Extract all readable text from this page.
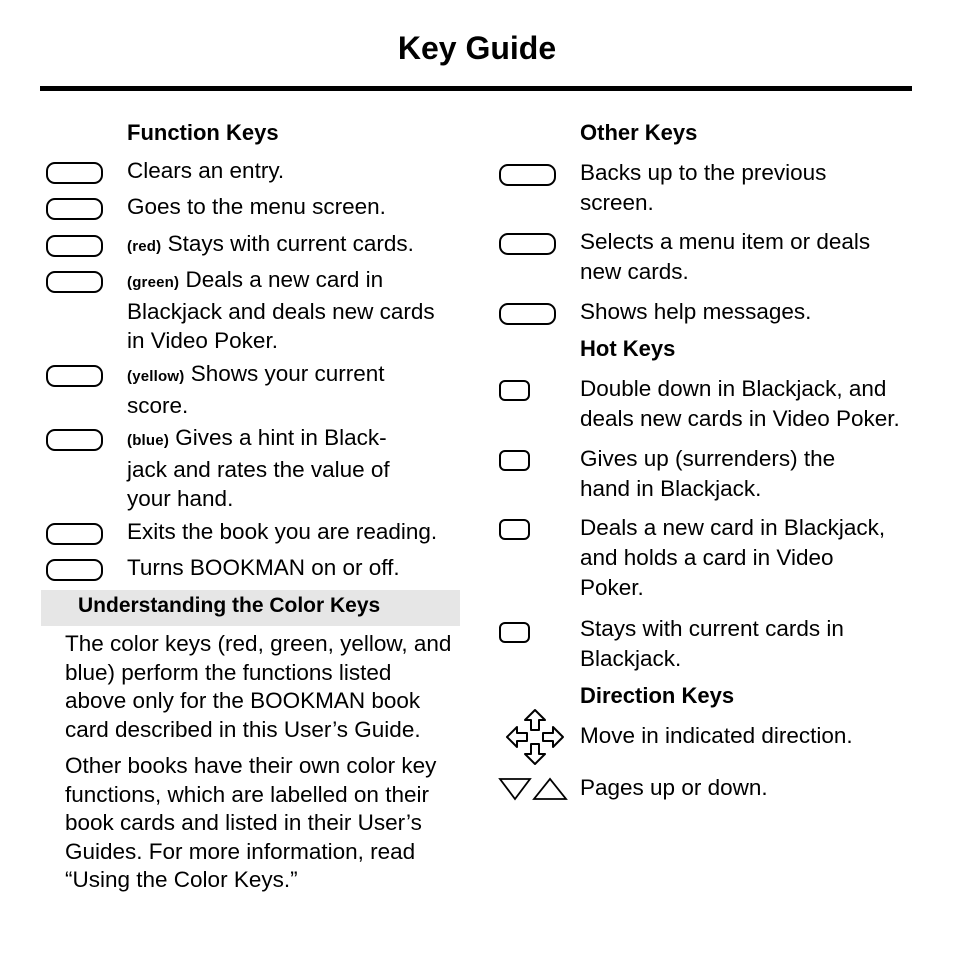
Key Guide
Function Keys
Clears an entry.
Goes to the menu screen.
(red) Stays with current cards.
(green) Deals a new card in
Blackjack and deals new cards
in Video Poker.
(yellow) Shows your current
score.
(blue) Gives a hint in Black-
jack and rates the value of
your hand.
Exits the book you are reading.
Turns BOOKMAN on or off.
Understanding the Color Keys
The color keys (red, green, yellow, and
blue) perform the functions listed
above only for the BOOKMAN book
card described in this User’s Guide.
Other books have their own color key
functions, which are labelled on their
book cards and listed in their User’s
Guides. For more information, read
“Using the Color Keys.”
Other Keys
Backs up to the previous
screen.
Selects a menu item or deals
new cards.
Shows help messages.
Hot Keys
Double down in Blackjack, and
deals new cards in Video Poker.
Gives up (surrenders) the
hand in Blackjack.
Deals a new card in Blackjack,
and holds a card in Video
Poker.
Stays with current cards in
Blackjack.
Direction Keys
Move in indicated direction.
Pages up or down.
